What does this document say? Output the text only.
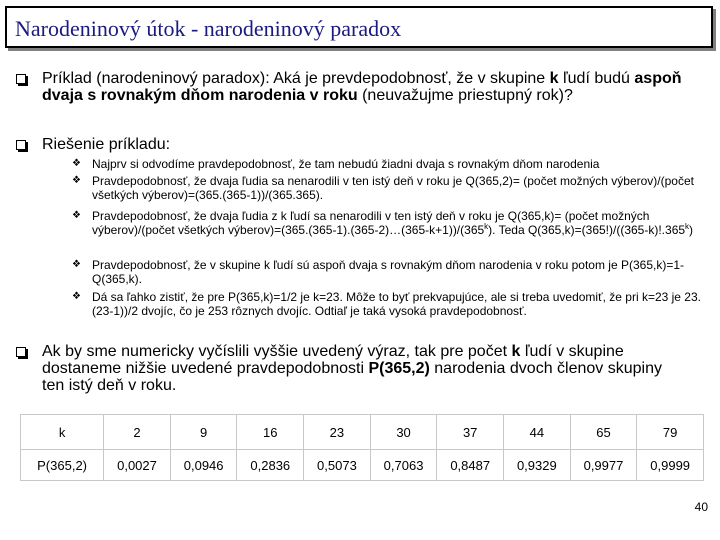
Narodeninový útok - narodeninový paradox
Príklad (narodeninový paradox): Aká je prevdepodobnosť, že v skupine k ľudí budú aspoň dvaja s rovnakým dňom narodenia v roku (neuvažujme priestupný rok)?
Riešenie príkladu:
❖ Najprv si odvodíme pravdepodobnosť, že tam nebudú žiadni dvaja s rovnakým dňom narodenia
❖ Pravdepodobnosť, že dvaja ľudia sa nenarodili v ten istý deň v roku je Q(365,2)= (počet možných výberov)/(počet všetkých výberov)=(365.(365-1))/(365.365).
❖ Pravdepodobnosť, že dvaja ľudia z k ľudí sa nenarodili v ten istý deň v roku je Q(365,k)= (počet možných výberov)/(počet všetkých $výberov)=(365.(365-1).(365-2)\dots(365-k+1))/(365^k)$. Teda $Q(365,k)=(365!)/((365-k)!.365^k)$
❖ Pravdepodobnosť, že v skupine k ľudí sú aspoň dvaja s rovnakým dňom narodenia v roku potom je P(365,k)=1-Q(365,k).
❖ Dá sa ľahko zistiť, že pre P(365,k)=1/2 je k=23. Môže to byť prekvapujúce, ale si treba uvedomiť, že pri k=23 je 23.(23-1))/2 dvojíc, čo je 253 rôznych dvojíc. Odtiaľ je taká vysoká pravdepodobnosť.
Ak by sme numericky vyčíslili vyššie uvedený výraz, tak pre počet k ľudí v skupine dostaneme nižšie uvedené pravdepodobnosti P(365,2) narodenia dvoch členov skupiny ten istý deň v roku.
k	2	9	16	23	30	37	44	65	79
P(365,2)	0,0027	0,0946	0,2836	0,5073	0,7063	0,8487	0,9329	0,9977	0,9999
40
